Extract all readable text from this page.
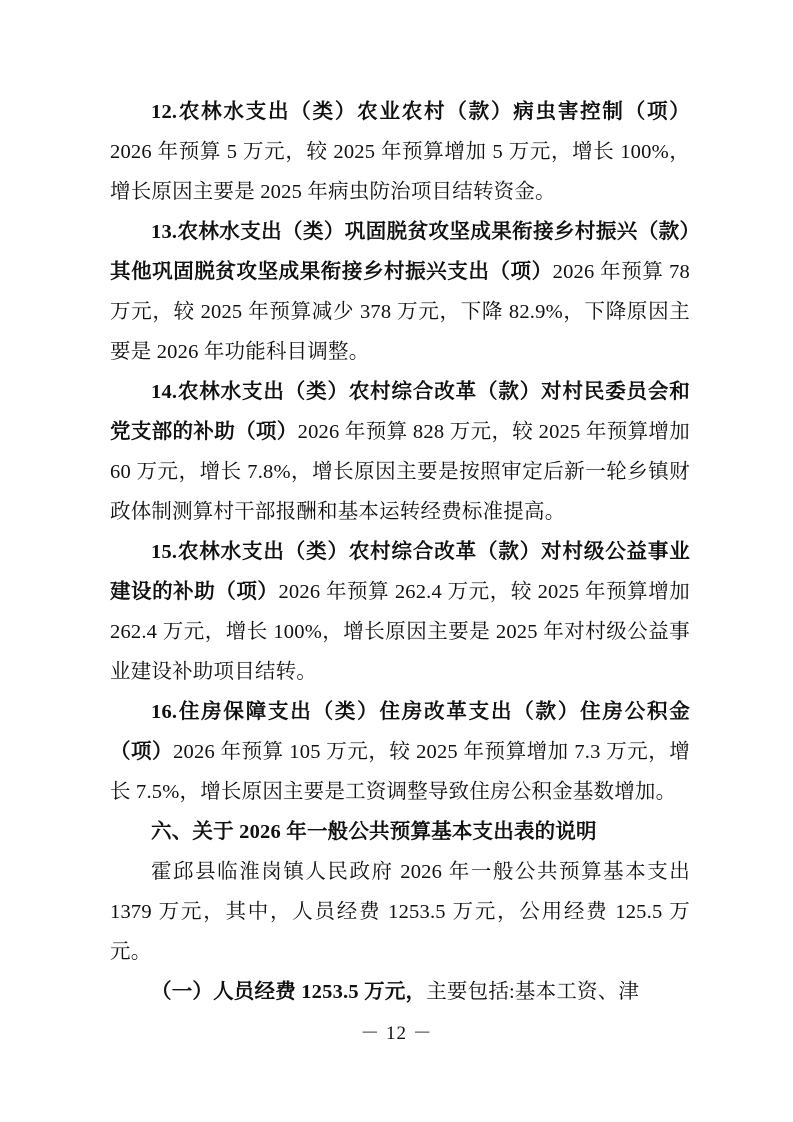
12.农林水支出（类）农业农村（款）病虫害控制（项）2026 年预算 5 万元，较 2025 年预算增加 5 万元，增长 100%，增长原因主要是 2025 年病虫防治项目结转资金。

13.农林水支出（类）巩固脱贫攻坚成果衔接乡村振兴（款）其他巩固脱贫攻坚成果衔接乡村振兴支出（项）2026 年预算 78 万元，较 2025 年预算减少 378 万元，下降 82.9%，下降原因主要是 2026 年功能科目调整。

14.农林水支出（类）农村综合改革（款）对村民委员会和党支部的补助（项）2026 年预算 828 万元，较 2025 年预算增加 60 万元，增长 7.8%，增长原因主要是按照审定后新一轮乡镇财政体制测算村干部报酬和基本运转经费标准提高。

15.农林水支出（类）农村综合改革（款）对村级公益事业建设的补助（项）2026 年预算 262.4 万元，较 2025 年预算增加 262.4 万元，增长 100%，增长原因主要是 2025 年对村级公益事业建设补助项目结转。

16.住房保障支出（类）住房改革支出（款）住房公积金（项）2026 年预算 105 万元，较 2025 年预算增加 7.3 万元，增长 7.5%，增长原因主要是工资调整导致住房公积金基数增加。

六、关于 2026 年一般公共预算基本支出表的说明

霍邱县临淮岗镇人民政府 2026 年一般公共预算基本支出 1379 万元，其中，人员经费 1253.5 万元，公用经费 125.5 万元。

（一）人员经费 1253.5 万元，主要包括:基本工资、津

－ 12 －
